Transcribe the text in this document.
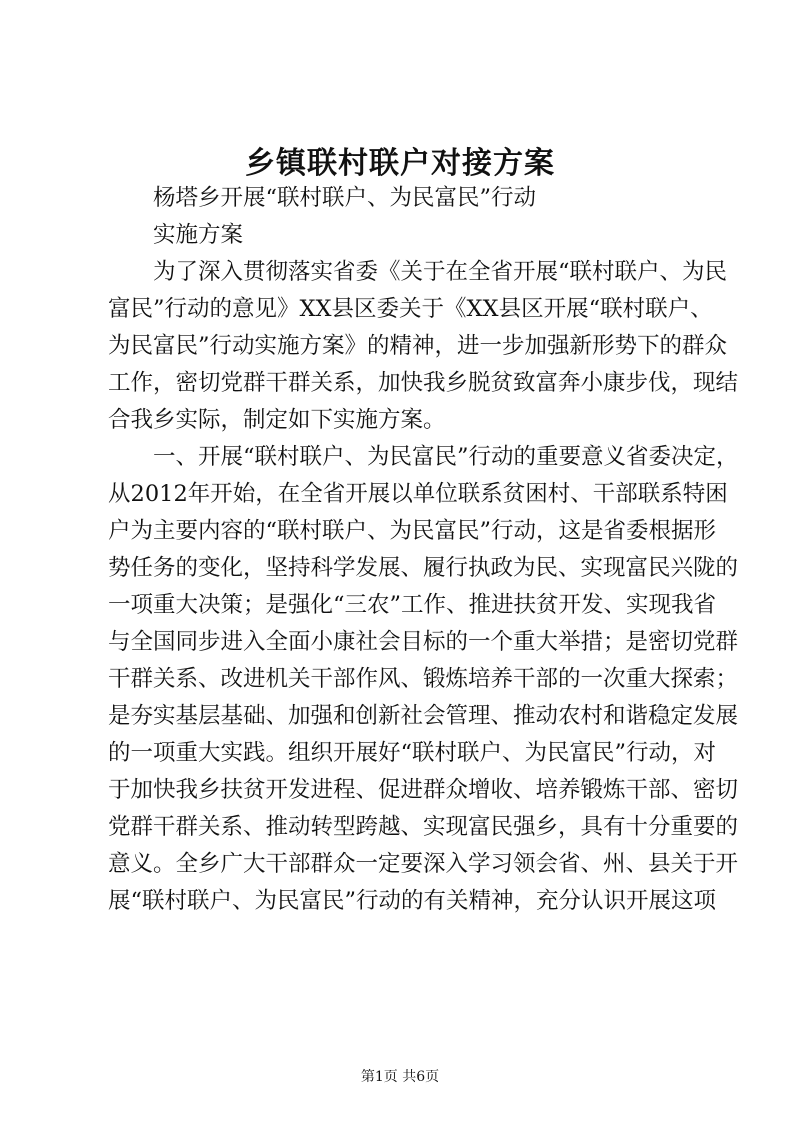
乡镇联村联户对接方案
杨塔乡开展“联村联户、为民富民”行动
实施方案
为了深入贯彻落实省委《关于在全省开展“联村联户、为民
富民”行动的意见》XX县区委关于《XX县区开展“联村联户、
为民富民”行动实施方案》的精神，进一步加强新形势下的群众
工作，密切党群干群关系，加快我乡脱贫致富奔小康步伐，现结
合我乡实际，制定如下实施方案。
一、开展“联村联户、为民富民”行动的重要意义省委决定，
从2012年开始，在全省开展以单位联系贫困村、干部联系特困
户为主要内容的“联村联户、为民富民”行动，这是省委根据形
势任务的变化，坚持科学发展、履行执政为民、实现富民兴陇的
一项重大决策；是强化“三农”工作、推进扶贫开发、实现我省
与全国同步进入全面小康社会目标的一个重大举措；是密切党群
干群关系、改进机关干部作风、锻炼培养干部的一次重大探索；
是夯实基层基础、加强和创新社会管理、推动农村和谐稳定发展
的一项重大实践。组织开展好“联村联户、为民富民”行动，对
于加快我乡扶贫开发进程、促进群众增收、培养锻炼干部、密切
党群干群关系、推动转型跨越、实现富民强乡，具有十分重要的
意义。全乡广大干部群众一定要深入学习领会省、州、县关于开
展“联村联户、为民富民”行动的有关精神，充分认识开展这项
第1页 共6页
